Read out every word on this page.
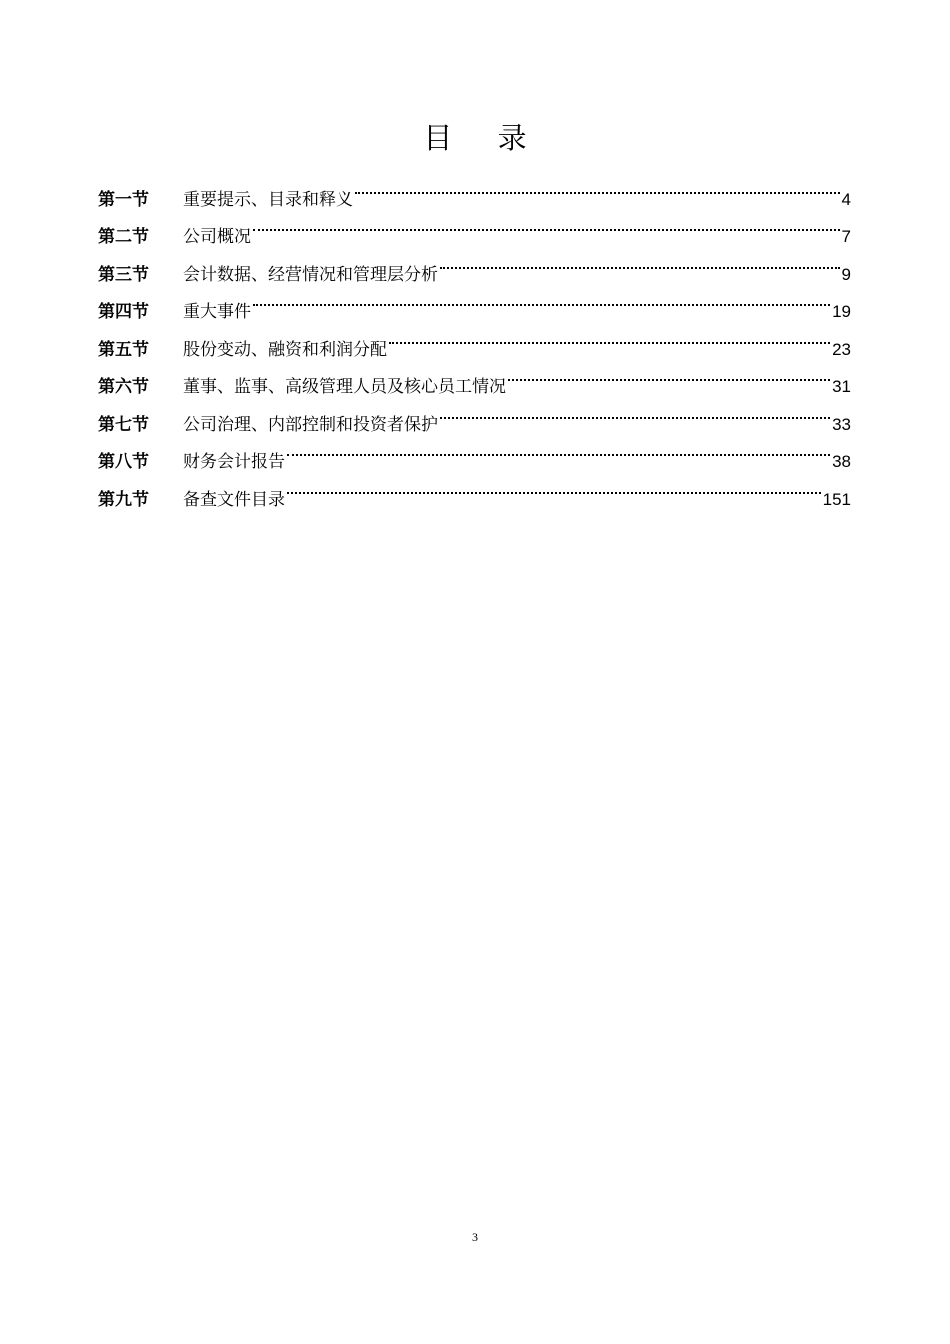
目 录
第一节	重要提示、目录和释义	4
第二节	公司概况	7
第三节	会计数据、经营情况和管理层分析	9
第四节	重大事件	19
第五节	股份变动、融资和利润分配	23
第六节	董事、监事、高级管理人员及核心员工情况	31
第七节	公司治理、内部控制和投资者保护	33
第八节	财务会计报告	38
第九节	备查文件目录	151
3
